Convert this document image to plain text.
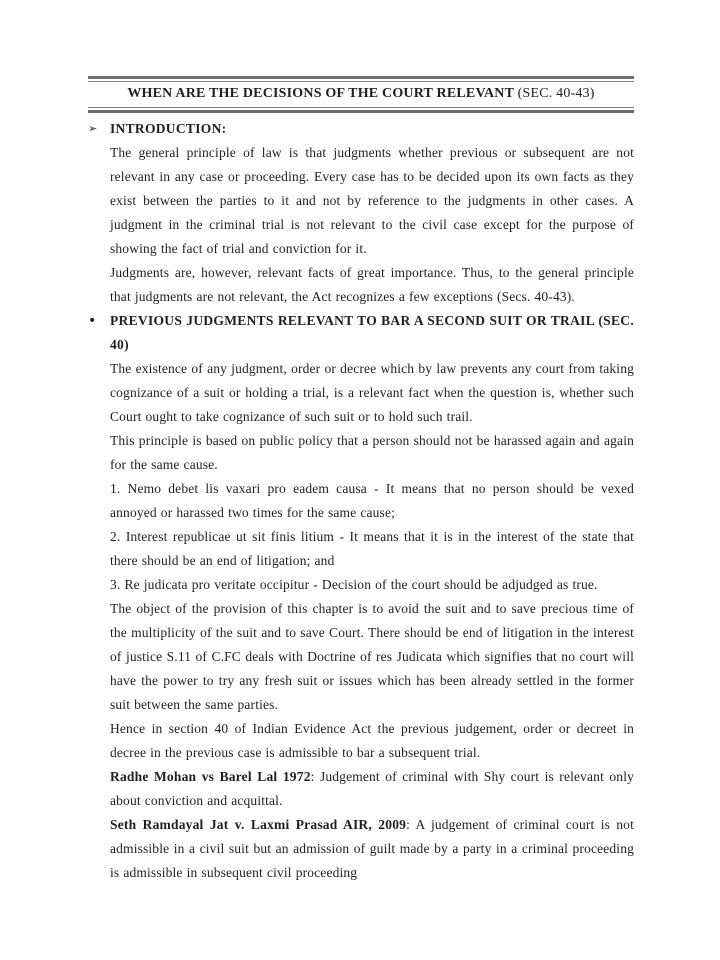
WHEN ARE THE DECISIONS OF THE COURT RELEVANT (SEC. 40-43)
➢ INTRODUCTION:

The general principle of law is that judgments whether previous or subsequent are not relevant in any case or proceeding. Every case has to be decided upon its own facts as they exist between the parties to it and not by reference to the judgments in other cases. A judgment in the criminal trial is not relevant to the civil case except for the purpose of showing the fact of trial and conviction for it.

Judgments are, however, relevant facts of great importance. Thus, to the general principle that judgments are not relevant, the Act recognizes a few exceptions (Secs. 40-43).

•	PREVIOUS JUDGMENTS RELEVANT TO BAR A SECOND SUIT OR TRAIL (SEC. 40)

The existence of any judgment, order or decree which by law prevents any court from taking cognizance of a suit or holding a trial, is a relevant fact when the question is, whether such Court ought to take cognizance of such suit or to hold such trail.

This principle is based on public policy that a person should not be harassed again and again for the same cause.

1. Nemo debet lis vaxari pro eadem causa - It means that no person should be vexed annoyed or harassed two times for the same cause;

2. Interest republicae ut sit finis litium - It means that it is in the interest of the state that there should be an end of litigation; and

3. Re judicata pro veritate occipitur - Decision of the court should be adjudged as true.

The object of the provision of this chapter is to avoid the suit and to save precious time of the multiplicity of the suit and to save Court. There should be end of litigation in the interest of justice S.11 of C.FC deals with Doctrine of res Judicata which signifies that no court will have the power to try any fresh suit or issues which has been already settled in the former suit between the same parties.

Hence in section 40 of Indian Evidence Act the previous judgement, order or decreet in decree in the previous case is admissible to bar a subsequent trial.

Radhe Mohan vs Barel Lal 1972: Judgement of criminal with Shy court is relevant only about conviction and acquittal.

Seth Ramdayal Jat v. Laxmi Prasad AIR, 2009: A judgement of criminal court is not admissible in a civil suit but an admission of guilt made by a party in a criminal proceeding is admissible in subsequent civil proceeding
